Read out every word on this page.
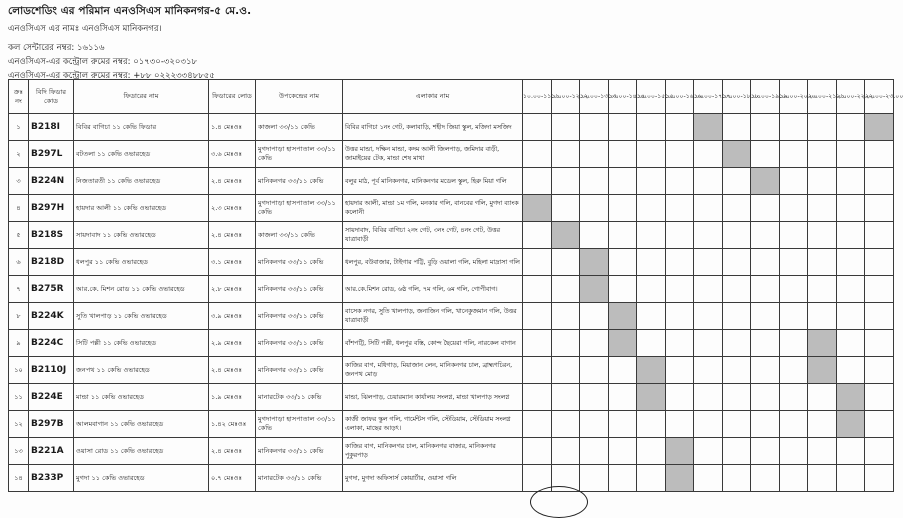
লোডশেডিং এর পরিমান এনওসিএস মানিকনগর-৫ মে.ও.
এনওসিএস এর নামঃ এনওসিএস মানিকনগর।
কল সেন্টারের নম্বর: ১৬১১৬
এনওসিএস-এর কন্ট্রোল রুমের নম্বর: ০১৭৩০-৩২০৩১৮
এনওসিএস-এর কন্ট্রোল রুমের নম্বর: +৮৮ ০২২২৩৩৪৮৮৫৫
ক্রঃ নং	বিদি ফিডার কোড	ফিডারের নাম	ফিডারের লোড	উপকেন্দ্রের নাম	এলাকার নাম	১০.০০-১১.০০	১১.০০-১২.০০	১২.০০-১৩.০০	১৩.০০-১৪.০০	১৪.০০-১৫.০০	১৫.০০-১৬.০০	১৬.০০-১৭.০০	১৭.০০-১৮.০০	১৮.০০-১৯.০০	১৯.০০-২০.০০	২০.০০-২১.০০	২১.০০-২২.০০	২২.০০-২৩.০০
১	B218I	বিবির বাগিচা ১১ কেভি ফিডার	১.৪ মেঃওঃ	কাজলা ৩৩/১১ কেভি	বিবির বাগিচা ১নং গেট, কলাবাড়ি, শহীদ জিয়া স্কুল, মজিদা মসজিদ													
২	B297L	বটতলা ১১ কেভি ওভারহেড	৩.৬ মেঃওঃ	মুগদাপাড়া হাসপাতাল ৩৩/১১ কেভি	উত্তর মান্ডা, দক্ষিন মান্ডা, কদম আলী জিলপাড়, জমিদার বাড়ী, জামাইয়ের টেক, মান্ডা শেষ মাথা													
৩	B224N	নিজতারতী ১১ কেভি ওভারহেড	২.৪ মেঃওঃ	মানিকনগর ৩৩/১১ কেভি	বলুর মাঠ, পূর্ব মানিকনগর, মানিকনগর মডেল স্কুল, হিরু মিয়া গলি													
৪	B297H	হায়দার আলী ১১ কেভি ওভারহেড	২.৩ মেঃওঃ	মুগদাপাড়া হাসপাতাল ৩৩/১১ কেভি	হায়দার আলী, মান্ডা ১ম গলি, মনকার গলি, বানবের গলি, মুগদা ব্যাংক কলোনী													
৫	B218S	সায়দাবাদ ১১ কেভি ওভারহেড	২.৪ মেঃওঃ	কাজলা ৩৩/১১ কেভি	সায়দাবাদ, বিবির বাগিচা ২নং গেট, ৩নং গেট, ৪নং গেট, উত্তর যাত্রাবাড়ী													
৬	B218D	ধলপুর ১১ কেভি ওভারহেড	৩.১ মেঃওঃ	মানিকনগর ৩৩/১১ কেভি	ধলপুর, বউবাজার, টাইগার পট্টি, বুড়ি ওয়ালা গলি, মহিলা মাদ্রাসা গলি													
৭	B275R	আর.কে. মিশন রোড ১১ কেভি ওভারহেড	২.৮ মেঃওঃ	মানিকনগর ৩৩/১১ কেভি	আর.কে.মিশন রোড, ৬ষ্ঠ গলি, ৭ম গলি, ৬ম গলি, গোপীবাগ।													
৮	B224K	সুতি খালপাড় ১১ কেভি ওভারহেড	৩.৯ মেঃওঃ	মানিকনগর ৩৩/১১ কেভি	বাসেক নগর, সুতি খালপাড়, জনাজিন গলি, খানেকুজমান গলি, উত্তর যাত্রাবাড়ী													
৯	B224C	সিটি পল্লী ১১ কেভি ওভারহেড	২.৯ মেঃওঃ	মানিকনগর ৩৩/১১ কেভি	বাঁশপট্টি, সিটি পল্লী, ধলপুর বস্তি, কোন্দ ছৈয়েরা গলি, নারকেল বাগান													
১০	B2110J	জনপথ ১১ কেভি ওভারহেড	২.৪ মেঃওঃ	মানিকনগর ৩৩/১১ কেভি	কাজির বাগ, মধিগাড়, মিয়াজান লেন, মানিকনগর চাল, ব্রাহ্মণচিরন, জনপথ মোড়													
১১	B224E	মান্ডা ১১ কেভি ওভারহেড	১.৯ মেঃওঃ	মানারটেক ৩৩/১১ কেভি	মান্ডা, ঝিলপাড়, চেয়ারম্যান কার্যালয় সংলগ্ন, মান্ডা খালপাড় সংলগ্ন													
১২	B297B	আলমবাগান ১১ কেভি ওভারহেড	১.৪২ মেঃওঃ	মুগদাপাড়া হাসপাতাল ৩৩/১১ কেভি	কাজী জাফর স্কুল গলি, গার্মেন্টস গলি, স্টেডিয়াম, স্টেডিয়াম সংলগ্ন এলাকা, মাছের আড়ৎ।													
১৩	B221A	ওয়াসা রোড ১১ কেভি ওভারহেড	২.৪ মেঃওঃ	মানিকনগর ৩৩/১১ কেভি	কাজির বাগ, মানিকনগর চাল, মানিকনগর বাজার, মানিকনগর পুকুরপাড়													
১৪	B233P	মুগদা ১১ কেভি ওভারহেড	০.৭ মেঃওঃ	মানারটেক ৩৩/১১ কেভি	মুগদা, মুগদা অফিসার্স কোয়ার্টার, ওয়াসা গলি													
